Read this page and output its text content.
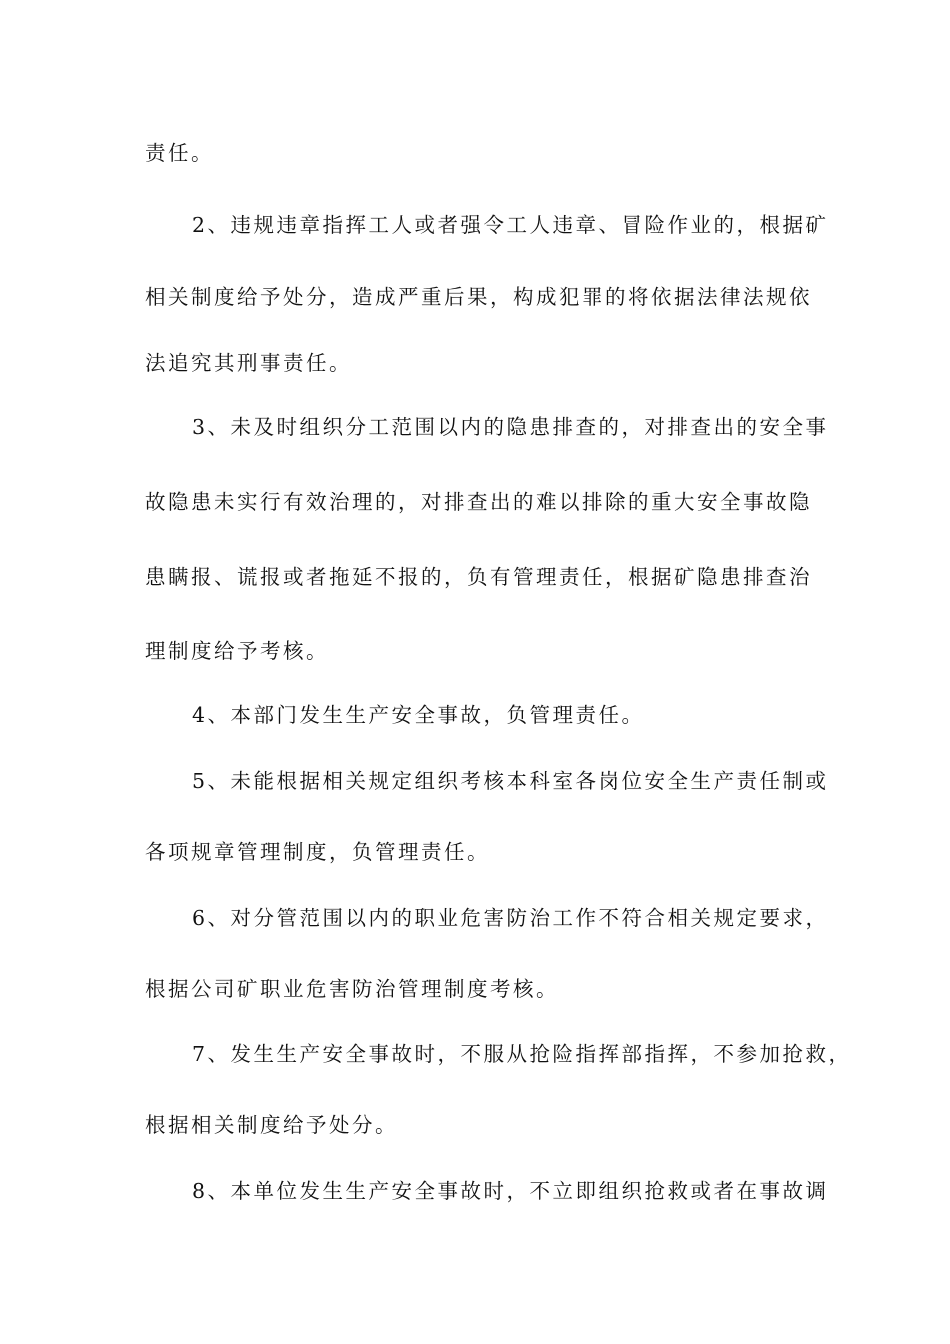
责任。
2、违规违章指挥工人或者强令工人违章、冒险作业的，根据矿
相关制度给予处分，造成严重后果，构成犯罪的将依据法律法规依
法追究其刑事责任。
3、未及时组织分工范围以内的隐患排查的，对排查出的安全事
故隐患未实行有效治理的，对排查出的难以排除的重大安全事故隐
患瞒报、谎报或者拖延不报的，负有管理责任，根据矿隐患排查治
理制度给予考核。
4、本部门发生生产安全事故，负管理责任。
5、未能根据相关规定组织考核本科室各岗位安全生产责任制或
各项规章管理制度，负管理责任。
6、对分管范围以内的职业危害防治工作不符合相关规定要求，
根据公司矿职业危害防治管理制度考核。
7、发生生产安全事故时，不服从抢险指挥部指挥，不参加抢救，
根据相关制度给予处分。
8、本单位发生生产安全事故时，不立即组织抢救或者在事故调
